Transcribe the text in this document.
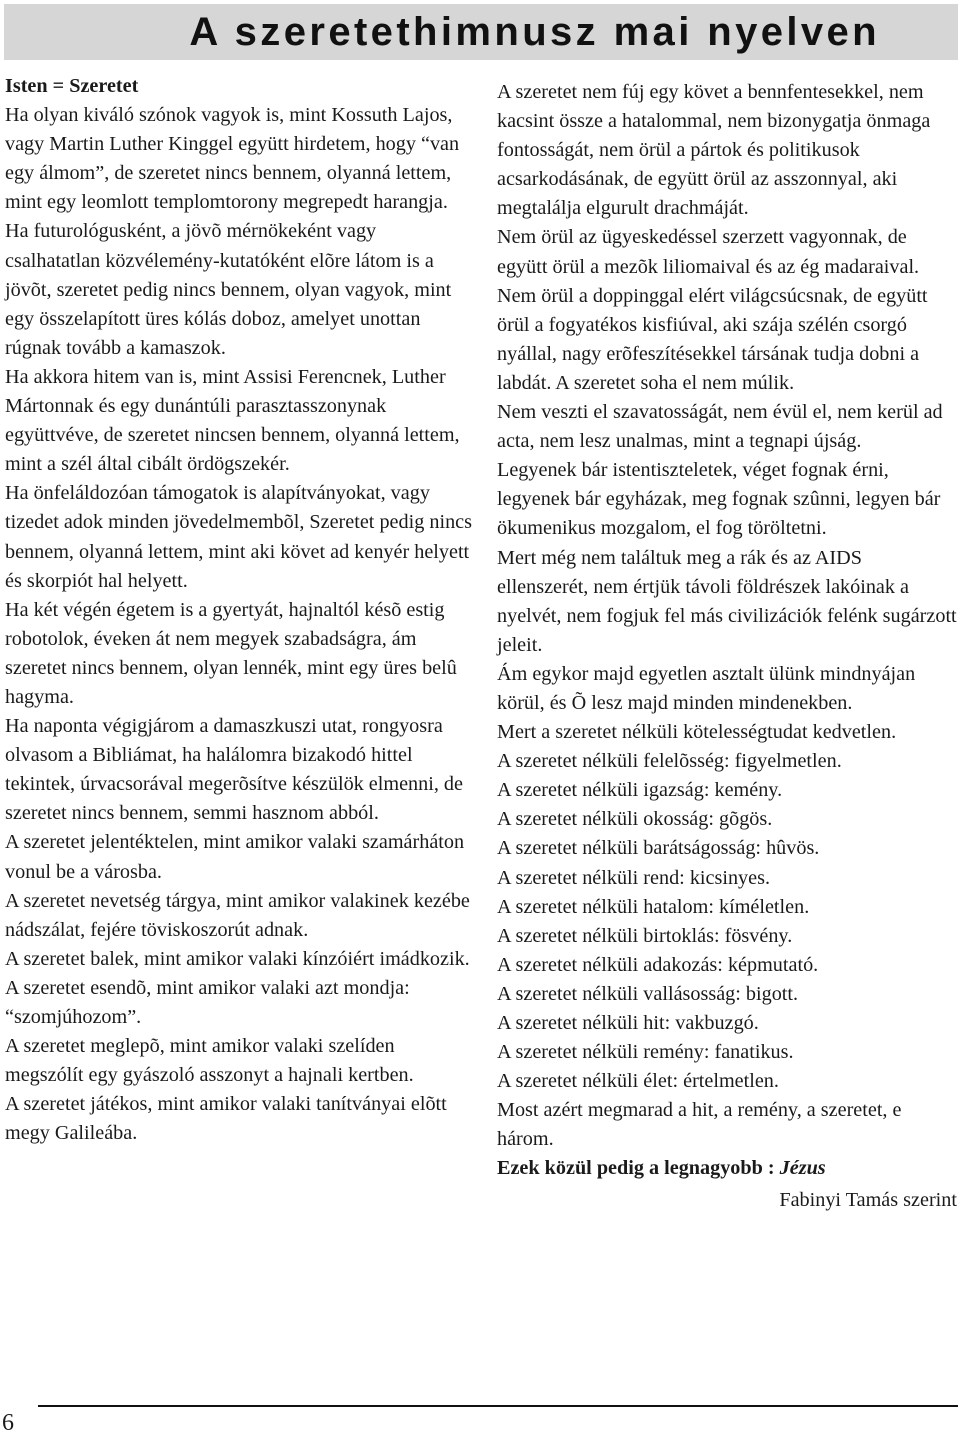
A szeretethimnusz mai nyelven

Isten = Szeretet

Ha olyan kiváló szónok vagyok is, mint Kossuth Lajos, vagy Martin Luther Kinggel együtt hirdetem, hogy “van egy álmom”, de szeretet nincs bennem, olyanná lettem, mint egy leomlott templomtorony megrepedt harangja.

Ha futurológusként, a jövõ mérnökeként vagy csalhatatlan közvélemény-kutatóként elõre látom is a jövõt, szeretet pedig nincs bennem, olyan vagyok, mint egy összelapított üres kólás doboz, amelyet unottan rúgnak tovább a kamaszok.

Ha akkora hitem van is, mint Assisi Ferencnek, Luther Mártonnak és egy dunántúli parasztasszonynak együttvéve, de szeretet nincsen bennem, olyanná lettem, mint a szél által cibált ördögszekér.

Ha önfeláldozóan támogatok is alapítványokat, vagy tizedet adok minden jövedelmembõl, Szeretet pedig nincs bennem, olyanná lettem, mint aki követ ad kenyér helyett és skorpiót hal helyett.

Ha két végén égetem is a gyertyát, hajnaltól késõ estig robotolok, éveken át nem megyek szabadságra, ám szeretet nincs bennem, olyan lennék, mint egy üres belû hagyma.

Ha naponta végigjárom a damaszkuszi utat, rongyosra olvasom a Bibliámat, ha halálomra bizakodó hittel tekintek, úrvacsorával megerõsítve készülök elmenni, de szeretet nincs bennem, semmi hasznom abból.

A szeretet jelentéktelen, mint amikor valaki szamárháton vonul be a városba.

A szeretet nevetség tárgya, mint amikor valakinek kezébe nádszálat, fejére töviskoszorút adnak.

A szeretet balek, mint amikor valaki kínzóiért imádkozik.

A szeretet esendõ, mint amikor valaki azt mondja: “szomjúhozom”.

A szeretet meglepõ, mint amikor valaki szelíden megszólít egy gyászoló asszonyt a hajnali kertben.

A szeretet játékos, mint amikor valaki tanítványai elõtt megy Galileába.

A szeretet nem fúj egy követ a bennfentesekkel, nem kacsint össze a hatalommal, nem bizonygatja önmaga fontosságát, nem örül a pártok és politikusok acsarkodásának, de együtt örül az asszonnyal, aki megtalálja elgurult drachmáját.

Nem örül az ügyeskedéssel szerzett vagyonnak, de együtt örül a mezõk liliomaival és az ég madaraival. Nem örül a doppinggal elért világcsúcsnak, de együtt örül a fogyatékos kisfiúval, aki szája szélén csorgó nyállal, nagy erõfeszítésekkel társának tudja dobni a labdát. A szeretet soha el nem múlik.

Nem veszti el szavatosságát, nem évül el, nem kerül ad acta, nem lesz unalmas, mint a tegnapi újság.

Legyenek bár istentiszteletek, véget fognak érni, legyenek bár egyházak, meg fognak szûnni, legyen bár ökumenikus mozgalom, el fog töröltetni.

Mert még nem találtuk meg a rák és az AIDS ellenszerét, nem értjük távoli földrészek lakóinak a nyelvét, nem fogjuk fel más civilizációk felénk sugárzott jeleit.

Ám egykor majd egyetlen asztalt ülünk mindnyájan körül, és Õ lesz majd minden mindenekben.

Mert a szeretet nélküli kötelességtudat kedvetlen.

A szeretet nélküli felelõsség: figyelmetlen.

A szeretet nélküli igazság: kemény.

A szeretet nélküli okosság: gõgös.

A szeretet nélküli barátságosság: hûvös.

A szeretet nélküli rend: kicsinyes.

A szeretet nélküli hatalom: kíméletlen.

A szeretet nélküli birtoklás: fösvény.

A szeretet nélküli adakozás: képmutató.

A szeretet nélküli vallásosság: bigott.

A szeretet nélküli hit: vakbuzgó.

A szeretet nélküli remény: fanatikus.

A szeretet nélküli élet: értelmetlen.

Most azért megmarad a hit, a remény, a szeretet, e három.

Ezek közül pedig a legnagyobb : Jézus

Fabinyi Tamás szerint

6
